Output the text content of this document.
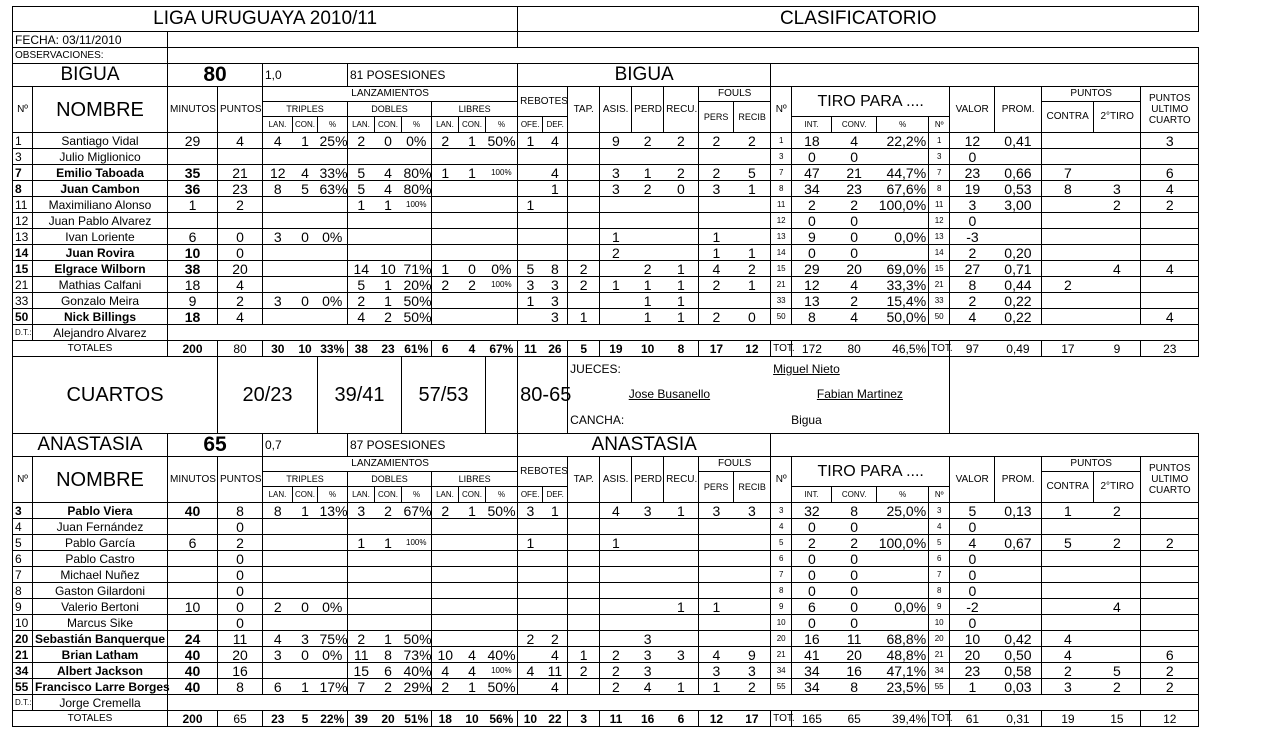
LIGA URUGUAYA 2010/11													CLASIFICATORIO																	
FECHA: 03/11/2010																														
OBSERVACIONES:																														
BIGUA		80		1,0			81 POSESIONES						BIGUA																	
Nº	NOMBRE	MINUTOS	PUNTOS	LANZAMIENTOS									REBOTES		TAP.	ASIS.	PERD.	RECU.	FOULS		Nº	TIRO PARA ....				VALOR	PROM.	PUNTOS		PUNTOS ULTIMO CUARTO
				TRIPLES			DOBLES			LIBRES									PERS	RECIB								CONTRA	2°TIRO	
				LAN.	CON.	%	LAN.	CON.	%	LAN.	CON.	%	OFE.	DEF.								INT.	CONV.	%	Nº					
1	Santiago Vidal	29	4	4	1	25%	2	0	0%	2	1	50%	1	4		9	2	2	2	2	1	18	4	22,2%	1	12	0,41			3
3	Julio Miglionico																				3	0	0		3	0				
7	Emilio Taboada	35	21	12	4	33%	5	4	80%	1	1	100%		4		3	1	2	2	5	7	47	21	44,7%	7	23	0,66	7		6
8	Juan Cambon	36	23	8	5	63%	5	4	80%					1		3	2	0	3	1	8	34	23	67,6%	8	19	0,53	8	3	4
11	Maximiliano Alonso	1	2				1	1	100%				1								11	2	2	100,0%	11	3	3,00		2	2
12	Juan Pablo Alvarez																				12	0	0		12	0				
13	Ivan Loriente	6	0	3	0	0%										1			1		13	9	0	0,0%	13	-3				
14	Juan Rovira	10	0													2			1	1	14	0	0		14	2	0,20			
15	Elgrace Wilborn	38	20				14	10	71%	1	0	0%	5	8	2		2	1	4	2	15	29	20	69,0%	15	27	0,71		4	4
21	Mathias Calfani	18	4				5	1	20%	2	2	100%	3	3	2	1	1	1	2	1	21	12	4	33,3%	21	8	0,44	2		
33	Gonzalo Meira	9	2	3	0	0%	2	1	50%				1	3			1	1			33	13	2	15,4%	33	2	0,22			
50	Nick Billings	18	4				4	2	50%					3	1		1	1	2	0	50	8	4	50,0%	50	4	0,22			4
D.T.:	Alejandro Alvarez																													
TOTALES		200	80	30	10	33%	38	23	61%	6	4	67%	11	26	5	19	10	8	17	12	TOT.	172	80	46,5%	TOT.	97	0,49	17	9	23
CUARTOS			20/23			39/41			57/53				80-65		JUECES:			Miguel Nieto												
															Jose Busanello						Fabian Martinez									
															CANCHA:			Bigua												
ANASTASIA		65		0,7			87 POSESIONES						ANASTASIA																	
Nº	NOMBRE	MINUTOS	PUNTOS	LANZAMIENTOS									REBOTES		TAP.	ASIS.	PERD.	RECU.	FOULS		Nº	TIRO PARA ....				VALOR	PROM.	PUNTOS		PUNTOS ULTIMO CUARTO
				TRIPLES			DOBLES			LIBRES									PERS	RECIB								CONTRA	2°TIRO	
				LAN.	CON.	%	LAN.	CON.	%	LAN.	CON.	%	OFE.	DEF.								INT.	CONV.	%	Nº					
3	Pablo Viera	40	8	8	1	13%	3	2	67%	2	1	50%	3	1		4	3	1	3	3	3	32	8	25,0%	3	5	0,13	1	2	
4	Juan Fernández		0																		4	0	0		4	0				
5	Pablo García	6	2				1	1	100%				1			1					5	2	2	100,0%	5	4	0,67	5	2	2
6	Pablo Castro		0																		6	0	0		6	0				
7	Michael Nuñez		0																		7	0	0		7	0				
8	Gaston Gilardoni		0																		8	0	0		8	0				
9	Valerio Bertoni	10	0	2	0	0%												1	1		9	6	0	0,0%	9	-2			4	
10	Marcus Sike		0																		10	0	0		10	0				
20	Sebastián Banquerque	24	11	4	3	75%	2	1	50%				2	2			3				20	16	11	68,8%	20	10	0,42	4		
21	Brian Latham	40	20	3	0	0%	11	8	73%	10	4	40%		4	1	2	3	3	4	9	21	41	20	48,8%	21	20	0,50	4		6
34	Albert Jackson	40	16				15	6	40%	4	4	100%	4	11	2	2	3		3	3	34	34	16	47,1%	34	23	0,58	2	5	2
55	Francisco Larre Borges	40	8	6	1	17%	7	2	29%	2	1	50%		4		2	4	1	1	2	55	34	8	23,5%	55	1	0,03	3	2	2
D.T.:	Jorge Cremella																													
TOTALES		200	65	23	5	22%	39	20	51%	18	10	56%	10	22	3	11	16	6	12	17	TOT.	165	65	39,4%	TOT.	61	0,31	19	15	12
